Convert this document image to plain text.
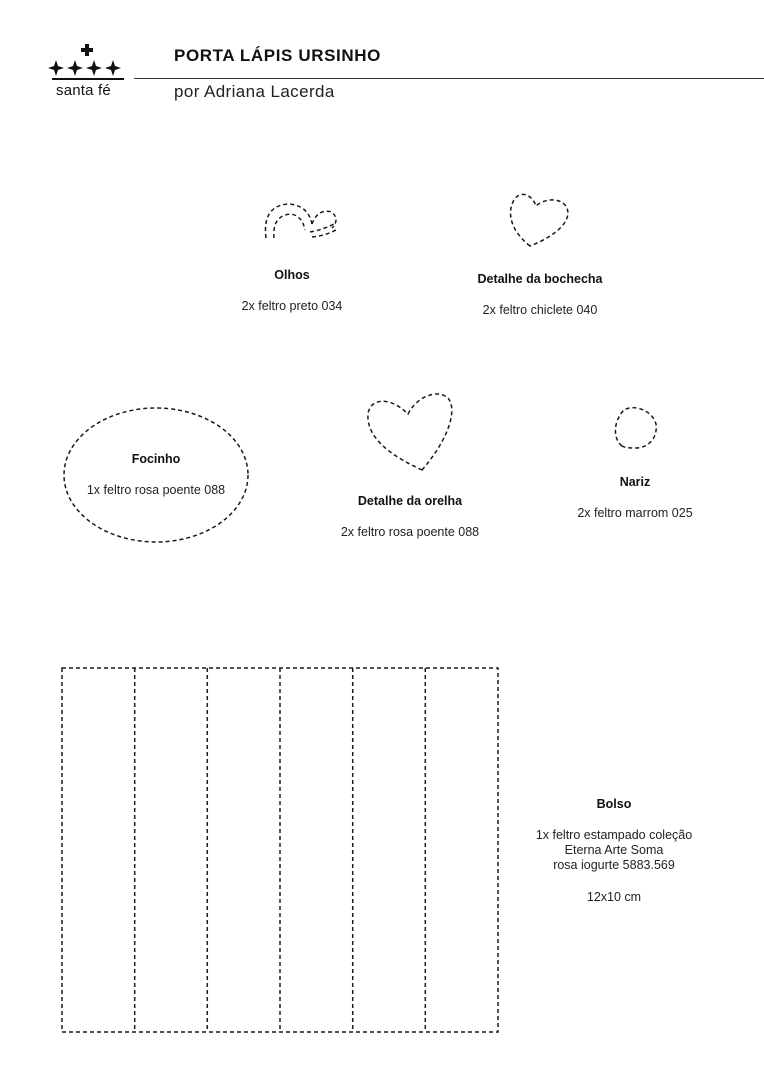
santa fé
PORTA LÁPIS URSINHO
por Adriana Lacerda
Olhos
2x feltro preto 034
Detalhe da bochecha
2x feltro chiclete 040
Focinho
1x feltro rosa poente 088
Detalhe da orelha
2x feltro rosa poente 088
Nariz
2x feltro marrom 025
Bolso
1x feltro estampado coleção
Eterna Arte Soma
rosa iogurte 5883.569
12x10 cm
